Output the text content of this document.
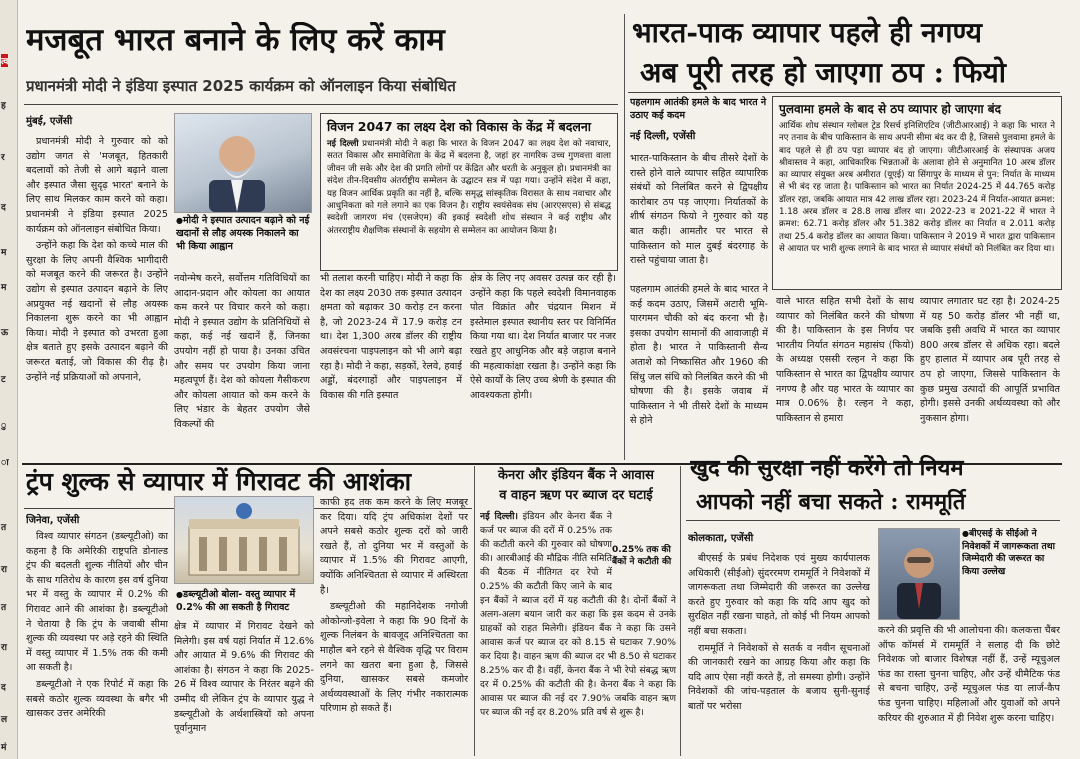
त्व
ह
र
द
म
म
ऊ
ट
ु
ा
त
रा
त
रा
द
ल
मं
मजबूत भारत बनाने के लिए करें काम
प्रधानमंत्री मोदी ने इंडिया इस्पात 2025 कार्यक्रम को ऑनलाइन किया संबोधित
मुंबई, एजेंसी

प्रधानमंत्री मोदी ने गुरुवार को को उद्योग जगत से 'मजबूत, हितकारी बदलावों को तेजी से आगे बढ़ाने वाला और इस्पात जैसा सुदृढ़ भारत' बनाने के लिए साथ मिलकर काम करने को कहा। प्रधानमंत्री ने इंडिया इस्पात 2025 कार्यक्रम को ऑनलाइन संबोधित किया।

उन्होंने कहा कि देश को कच्चे माल की सुरक्षा के लिए अपनी वैश्विक भागीदारी को मजबूत करने की जरूरत है। उन्होंने उद्योग से इस्पात उत्पादन बढ़ाने के लिए अप्रयुक्त नई खदानों से लौह अयस्क निकालना शुरू करने का भी आह्वान किया। मोदी ने इस्पात को उभरता हुआ क्षेत्र बताते हुए इसके उत्पादन बढ़ाने की जरूरत बताई, जो विकास की रीढ़ है। उन्होंने नई प्रक्रियाओं को अपनाने,

● मोदी ने इस्पात उत्पादन बढ़ाने को नई खदानों से लौह अयस्क निकालने का भी किया आह्वान
विजन 2047 का लक्ष्य देश को विकास के केंद्र में बदलना
नई दिल्ली प्रधानमंत्री मोदी ने कहा कि भारत के विजन 2047 का लक्ष्य देश को नवाचार, सतत विकास और समावेशिता के केंद्र में बदलना है, जहां हर नागरिक उच्च गुणवत्ता वाला जीवन जी सके और देश की प्रगति लोगों पर केंद्रित और धरती के अनुकूल हो। प्रधानमंत्री का संदेश तीन-दिवसीय अंतर्राष्ट्रीय सम्मेलन के उद्घाटन सत्र में पढ़ा गया। उन्होंने संदेश में कहा, यह विजन आर्थिक प्रकृति का नहीं है, बल्कि समृद्ध सांस्कृतिक विरासत के साथ नवाचार और आधुनिकता को गले लगाने का एक विजन है। राष्ट्रीय स्वयंसेवक संघ (आरएसएस) से संबद्ध स्वदेशी जागरण मंच (एसजेएम) की इकाई स्वदेशी शोध संस्थान ने कई राष्ट्रीय और अंतरराष्ट्रीय शैक्षणिक संस्थानों के सहयोग से सम्मेलन का आयोजन किया है।
नवोन्मेष करने, सर्वोत्तम गतिविधियों का आदान-प्रदान और कोयला का आयात कम करने पर विचार करने को कहा। मोदी ने इस्पात उद्योग के प्रतिनिधियों से कहा, कई नई खदानें हैं, जिनका उपयोग नहीं हो पाया है। उनका उचित और समय पर उपयोग किया जाना महत्वपूर्ण हैं। देश को कोयला गैसीकरण और कोयला आयात को कम करने के लिए भंडार के बेहतर उपयोग जैसे विकल्पों की
भी तलाश करनी चाहिए। मोदी ने कहा कि देश का लक्ष्य 2030 तक इस्पात उत्पादन क्षमता को बढ़ाकर 30 करोड़ टन करना है, जो 2023-24 में 17.9 करोड़ टन था। देश 1,300 अरब डॉलर की राष्ट्रीय अवसंरचना पाइपलाइन को भी आगे बढ़ा रहा है। मोदी ने कहा, सड़कों, रेलवे, हवाई अड्डों, बंदरगाहों और पाइपलाइन में विकास की गति इस्पात
क्षेत्र के लिए नए अवसर उत्पन्न कर रही है। उन्होंने कहा कि पहले स्वदेशी विमानवाहक पोत विक्रांत और चंद्रयान मिशन में इस्तेमाल इस्पात स्थानीय स्तर पर विनिर्मित किया गया था। देश निर्यात बाजार पर नजर रखते हुए आधुनिक और बड़े जहाज बनाने की महत्वाकांक्षा रखता है। उन्होंने कहा कि ऐसे कार्यों के लिए उच्च श्रेणी के इस्पात की आवश्यकता होगी।
भारत-पाक व्यापार पहले ही नगण्य
अब पूरी तरह हो जाएगा ठप : फियो
पहलगाम आतंकी हमले के बाद भारत ने उठाए कई कदम
नई दिल्ली, एजेंसी
भारत-पाकिस्तान के बीच तीसरे देशों के रास्ते होने वाले व्यापार सहित व्यापारिक संबंधों को निलंबित करने से द्विपक्षीय कारोबार ठप पड़ जाएगा। निर्यातकों के शीर्ष संगठन फियो ने गुरुवार को यह बात कही। आमतौर पर भारत से पाकिस्तान को माल दुबई बंदरगाह के रास्ते पहुंचाया जाता है।
पुलवामा हमले के बाद से ठप व्यापार हो जाएगा बंद
आर्थिक शोध संस्थान ग्लोबल ट्रेड रिसर्च इनिशिएटिव (जीटीआरआई) ने कहा कि भारत ने नए तनाव के बीच पाकिस्तान के साथ अपनी सीमा बंद कर दी है, जिससे पुलवामा हमले के बाद पहले से ही ठप पड़ा व्यापार बंद हो जाएगा। जीटीआरआई के संस्थापक अजय श्रीवास्तव ने कहा, आधिकारिक भिन्नताओं के अलावा होने से अनुमानित 10 अरब डॉलर का व्यापार संयुक्त अरब अमीरात (यूएई) या सिंगापुर के माध्यम से पुन: निर्यात के माध्यम से भी बंद रह जाता है। पाकिस्तान को भारत का निर्यात 2024-25 में 44.765 करोड़ डॉलर रहा, जबकि आयात मात्र 42 लाख डॉलर रहा। 2023-24 में निर्यात-आयात क्रमश: 1.18 अरब डॉलर व 28.8 लाख डॉलर था। 2022-23 व 2021-22 में भारत ने क्रमश: 62.71 करोड़ डॉलर और 51.382 करोड़ डॉलर का निर्यात व 2.011 करोड़ तथा 25.4 करोड़ डॉलर का आयात किया। पाकिस्तान ने 2019 में भारत द्वारा पाकिस्तान से आयात पर भारी शुल्क लगाने के बाद भारत से व्यापार संबंधों को निलंबित कर दिया था।
पहलगाम आतंकी हमले के बाद भारत ने कई कदम उठाए, जिसमें अटारी भूमि-पारगमन चौकी को बंद करना भी है। इसका उपयोग सामानों की आवाजाही में होता है। भारत ने पाकिस्तानी सैन्य अताशे को निष्कासित और 1960 की सिंधु जल संधि को निलंबित करने की भी घोषणा की है। इसके जवाब में पाकिस्तान ने भी तीसरे देशों के माध्यम से होने
वाले भारत सहित सभी देशों के साथ व्यापार को निलंबित करने की घोषणा की है। पाकिस्तान के इस निर्णय पर भारतीय निर्यात संगठन महासंघ (फियो) के अध्यक्ष एससी रल्हन ने कहा कि पाकिस्तान से भारत का द्विपक्षीय व्यापार नगण्य है और यह भारत के व्यापार का मात्र 0.06% है। रल्हन ने कहा, पाकिस्तान से हमारा
व्यापार लगातार घट रहा है। 2024-25 में यह 50 करोड़ डॉलर भी नहीं था, जबकि इसी अवधि में भारत का व्यापार 800 अरब डॉलर से अधिक रहा। बदले हुए हालात में व्यापार अब पूरी तरह से ठप हो जाएगा, जिससे पाकिस्तान के कुछ प्रमुख उत्पादों की आपूर्ति प्रभावित होगी। इससे उनकी अर्थव्यवस्था को और नुकसान होगा।
ट्रंप शुल्क से व्यापार में गिरावट की आशंका
जिनेवा, एजेंसी

विश्व व्यापार संगठन (डब्ल्यूटीओ) का कहना है कि अमेरिकी राष्ट्रपति डोनाल्ड ट्रंप की बदलती शुल्क नीतियों और चीन के साथ गतिरोध के कारण इस वर्ष दुनिया भर में वस्तु के व्यापार में 0.2% की गिरावट आने की आशंका है। डब्ल्यूटीओ ने चेताया है कि ट्रंप के जवाबी सीमा शुल्क की व्यवस्था पर अड़े रहने की स्थिति में वस्तु व्यापार में 1.5% तक की कमी आ सकती है।

डब्ल्यूटीओ ने एक रिपोर्ट में कहा कि सबसे कठोर शुल्क व्यवस्था के बगैर भी खासकर उत्तर अमेरिकी

● डब्ल्यूटीओ बोला- वस्तु व्यापार में 0.2% की आ सकती है गिरावट
क्षेत्र में व्यापार में गिरावट देखने को मिलेगी। इस वर्ष यहां निर्यात में 12.6% और आयात में 9.6% की गिरावट की आशंका है। संगठन ने कहा कि 2025-26 में विश्व व्यापार के निरंतर बढ़ने की उम्मीद थी लेकिन ट्रंप के व्यापार युद्ध ने डब्ल्यूटीओ के अर्थशास्त्रियों को अपना पूर्वानुमान

काफी हद तक कम करने के लिए मजबूर कर दिया। यदि ट्रंप अधिकांश देशों पर अपने सबसे कठोर शुल्क दरों को जारी रखते हैं, तो दुनिया भर में वस्तुओं के व्यापार में 1.5% की गिरावट आएगी, क्योंकि अनिश्चितता से व्यापार में अस्थिरता है।

डब्ल्यूटीओ की महानिदेशक नगोजी ओकोन्जो-इवेला ने कहा कि 90 दिनों के शुल्क निलंबन के बावजूद अनिश्चितता का माहौल बने रहने से वैश्विक वृद्धि पर विराम लगने का खतरा बना हुआ है, जिससे दुनिया, खासकर सबसे कमजोर अर्थव्यवस्थाओं के लिए गंभीर नकारात्मक परिणाम हो सकते हैं।

केनरा और इंडियन बैंक ने आवास
व वाहन ऋण पर ब्याज दर घटाई
0.25% तक की बैंकों ने कटौती की
नई दिल्ली। इंडियन और केनरा बैंक ने कर्ज पर ब्याज की दरों में 0.25% तक की कटौती करने की गुरुवार को घोषणा की। आरबीआई की मौद्रिक नीति समिति की बैठक में नीतिगत दर रेपो में 0.25% की कटौती किए जाने के बाद इन बैंकों ने ब्याज दरों में यह कटौती की है। दोनों बैंकों ने अलग-अलग बयान जारी कर कहा कि इस कदम से उनके ग्राहकों को राहत मिलेगी। इंडियन बैंक ने कहा कि उसने आवास कर्ज पर ब्याज दर को 8.15 से घटाकर 7.90% कर दिया है। वाहन ऋण की ब्याज दर भी 8.50 से घटाकर 8.25% कर दी है। वहीं, केनरा बैंक ने भी रेपो संबद्ध ऋण दर में 0.25% की कटौती की है। केनरा बैंक ने कहा कि आवास पर ब्याज की नई दर 7.90% जबकि वाहन ऋण पर ब्याज की नई दर 8.20% प्रति वर्ष से शुरू है।
खुद की सुरक्षा नहीं करेंगे तो नियम
आपको नहीं बचा सकते : राममूर्ति
कोलकाता, एजेंसी
●	बीएसई के सीईओ ने निवेशकों में जागरूकता तथा जिम्मेदारी की जरूरत का किया उल्लेख

बीएसई के प्रबंध निदेशक एवं मुख्य कार्यपालक अधिकारी (सीईओ) सुंदररमण राममूर्ति ने निवेशकों में जागरूकता तथा जिम्मेदारी की जरूरत का उल्लेख करते हुए गुरुवार को कहा कि यदि आप खुद को सुरक्षित नहीं रखना चाहते, तो कोई भी नियम आपको नहीं बचा सकता।

राममूर्ति ने निवेशकों से सतर्क व नवीन सूचनाओं की जानकारी रखने का आग्रह किया और कहा कि यदि आप ऐसा नहीं करते हैं, तो समस्या होगी। उन्होंने निवेशकों की जांच-पड़ताल के बजाय सुनी-सुनाई बातों पर भरोसा

करने की प्रवृत्ति की भी आलोचना की। कलकत्ता चैंबर ऑफ कॉमर्स में राममूर्ति ने सलाह दी कि छोटे निवेशक जो बाजार विशेषज्ञ नहीं हैं, उन्हें म्यूचुअल फंड का रास्ता चुनना चाहिए, और उन्हें थीमैटिक फंड से बचना चाहिए, उन्हें म्यूचुअल फंड या लार्ज-कैप फंड चुनना चाहिए। महिलाओं और युवाओं को अपने करियर की शुरुआत में ही निवेश शुरू करना चाहिए।
